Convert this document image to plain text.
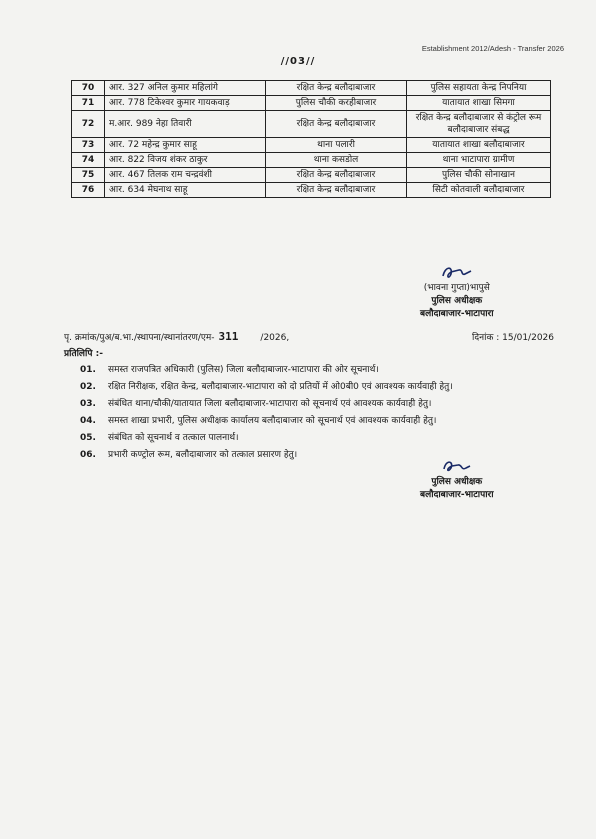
Establishment 2012/Adesh - Transfer 2026
//03//
70	आर. 327 अनिल कुमार महिलांगे	रक्षित केन्द्र बलौदाबाजार	पुलिस सहायता केन्द्र निपनिया
71	आर. 778 टिकेश्वर कुमार गायकवाड़	पुलिस चौकी करहीबाजार	यातायात शाखा सिमगा
72	म.आर. 989 नेहा तिवारी	रक्षित केन्द्र बलौदाबाजार	रक्षित केन्द्र बलौदाबाजार से कंट्रोल रूम बलौदाबाजार संबद्ध
73	आर. 72 महेन्द्र कुमार साहू	थाना पलारी	यातायात शाखा बलौदाबाजार
74	आर. 822 विजय शंकर ठाकुर	थाना कसडोल	थाना भाटापारा ग्रामीण
75	आर. 467 तिलक राम चन्द्रवंशी	रक्षित केन्द्र बलौदाबाजार	पुलिस चौकी सोनाखान
76	आर. 634 मेघनाथ साहू	रक्षित केन्द्र बलौदाबाजार	सिटी कोतवाली बलौदाबाजार
(भावना गुप्ता)भापुसे
पुलिस अधीक्षक
बलौदाबाजार-भाटापारा
पृ. क्रमांक/पुअ/ब.भा./स्थापना/स्थानांतरण/एम- 311 /2026,	दिनांक : 15/01/2026
प्रतिलिपि :-
01.	समस्त राजपत्रित अधिकारी (पुलिस) जिला बलौदाबाजार-भाटापारा की ओर सूचनार्थ।
02.	रक्षित निरीक्षक, रक्षित केन्द्र, बलौदाबाजार-भाटापारा को दो प्रतियों में ओ0बी0 एवं आवश्यक कार्यवाही हेतु।
03.	संबंधित थाना/चौकी/यातायात जिला बलौदाबाजार-भाटापारा को सूचनार्थ एवं आवश्यक कार्यवाही हेतु।
04.	समस्त शाखा प्रभारी, पुलिस अधीक्षक कार्यालय बलौदाबाजार को सूचनार्थ एवं आवश्यक कार्यवाही हेतु।
05.	संबंधित को सूचनार्थ व तत्काल पालनार्थ।
06.	प्रभारी कण्ट्रोल रूम, बलौदाबाजार को तत्काल प्रसारण हेतु।
पुलिस अधीक्षक
बलौदाबाजार-भाटापारा
